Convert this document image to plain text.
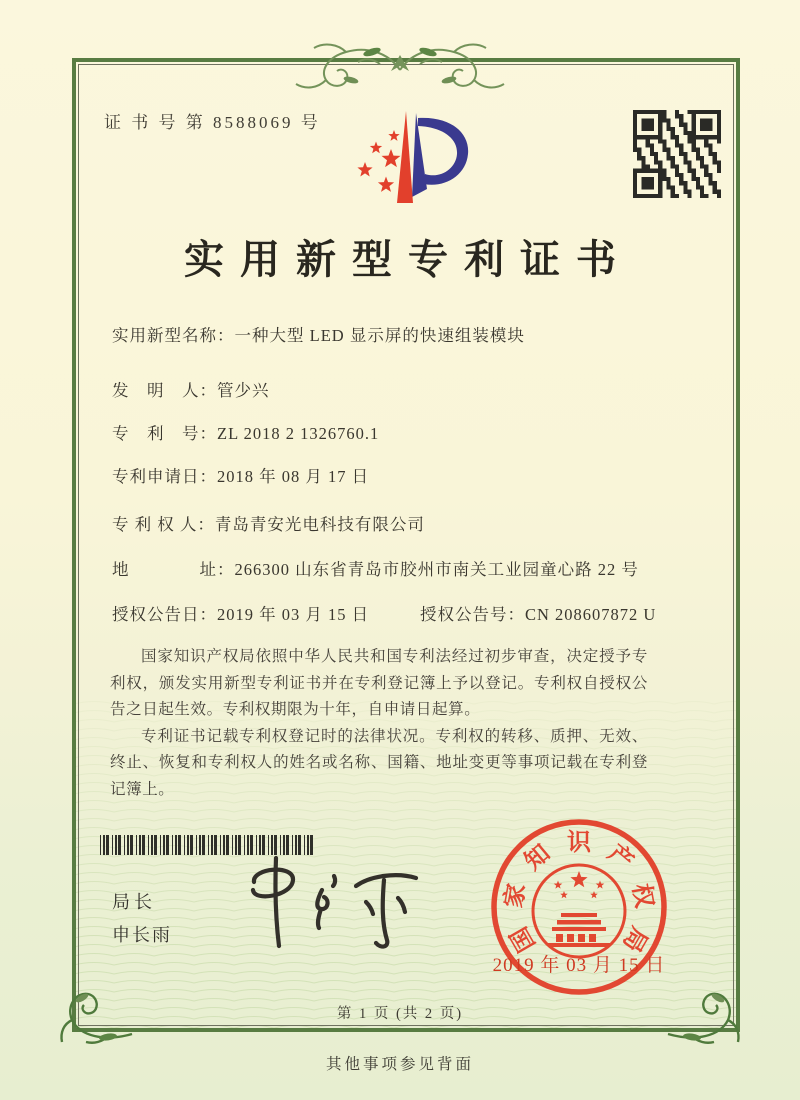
证 书 号 第 8588069 号
实用新型专利证书
实用新型名称：一种大型 LED 显示屏的快速组装模块
发　明　人：管少兴
专　利　号：ZL 2018 2 1326760.1
专利申请日：2018 年 08 月 17 日
专 利 权 人：青岛青安光电科技有限公司
地　　　　址：266300 山东省青岛市胶州市南关工业园童心路 22 号
授权公告日：2019 年 03 月 15 日	授权公告号：CN 208607872 U

国家知识产权局依照中华人民共和国专利法经过初步审查，决定授予专利权，颁发实用新型专利证书并在专利登记簿上予以登记。专利权自授权公告之日起生效。专利权期限为十年，自申请日起算。

专利证书记载专利权登记时的法律状况。专利权的转移、质押、无效、终止、恢复和专利权人的姓名或名称、国籍、地址变更等事项记载在专利登记簿上。

局长
申长雨	国
家
知 识 产
权
局
2019 年 03 月 15 日
第 1 页 (共 2 页)
其他事项参见背面
